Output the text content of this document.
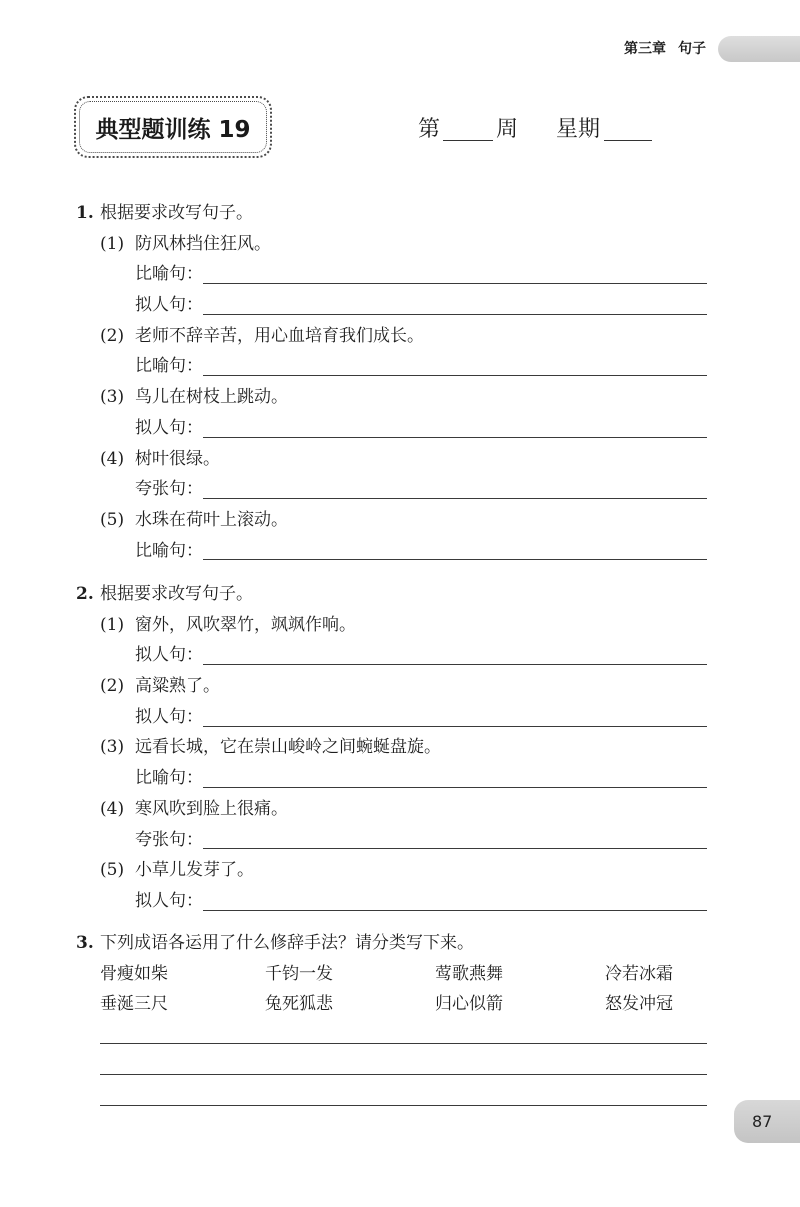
第三章 句子
典型题训练 19	第	周 星期
1. 根据要求改写句子。
(1) 防风林挡住狂风。
比喻句：
拟人句：
(2) 老师不辞辛苦，用心血培育我们成长。
比喻句：
(3) 鸟儿在树枝上跳动。
拟人句：
(4) 树叶很绿。
夸张句：
(5) 水珠在荷叶上滚动。
比喻句：
2. 根据要求改写句子。
(1) 窗外，风吹翠竹，飒飒作响。
拟人句：
(2) 高粱熟了。
拟人句：
(3) 远看长城，它在崇山峻岭之间蜿蜒盘旋。
比喻句：
(4) 寒风吹到脸上很痛。
夸张句：
(5) 小草儿发芽了。
拟人句：
3. 下列成语各运用了什么修辞手法？请分类写下来。
骨瘦如柴	千钧一发	莺歌燕舞	冷若冰霜
垂涎三尺	兔死狐悲	归心似箭	怒发冲冠
87
